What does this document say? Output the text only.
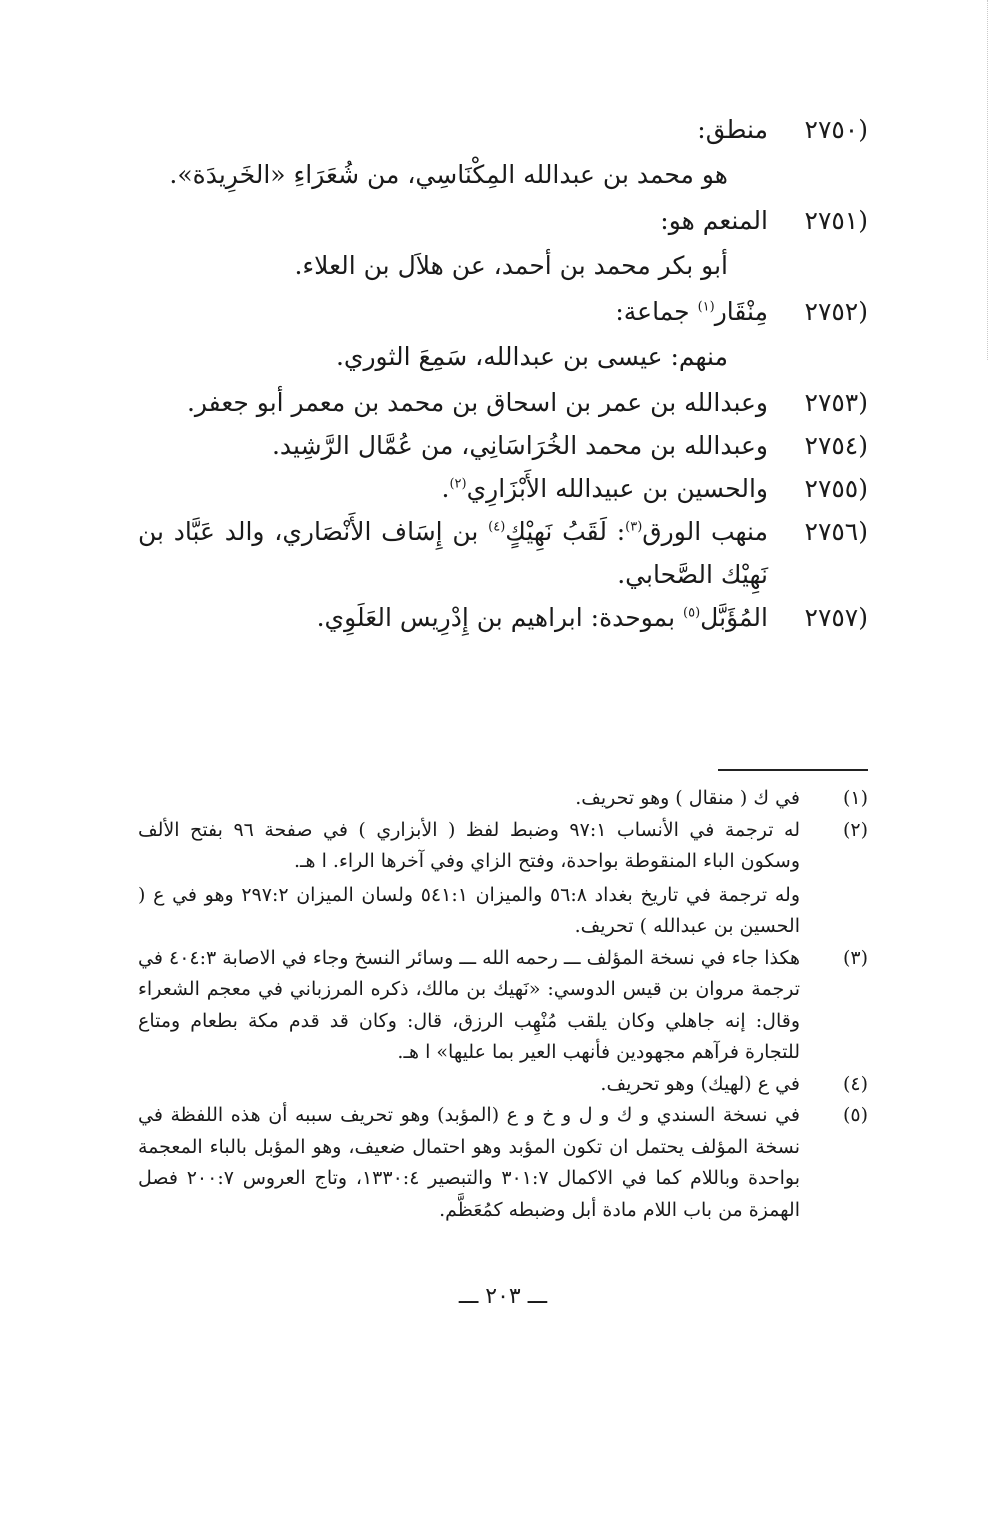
(٢٧٥٠
منطق:
هو محمد بن عبدالله المِكْنَاسِي، من شُعَرَاءِ «الخَرِيدَة».
(٢٧٥١
المنعم هو:
أبو بكر محمد بن أحمد، عن هلاَل بن العلاء.
(٢٧٥٢
مِنْقَار$^{(١)}$ جماعة:
منهم: عيسى بن عبدالله، سَمِعَ الثوري.
(٢٧٥٣
وعبدالله بن عمر بن اسحاق بن محمد بن معمر أبو جعفر.
(٢٧٥٤
وعبدالله بن محمد الخُرَاسَانِي، من عُمَّال الرَّشِيد.
(٢٧٥٥
والحسين بن عبيدالله الأَبْزَارِي$^{(٢)}$.
(٢٧٥٦
منهب الورق$^{(٣)}$: لَقَبُ نَهِيْكٍ$^{(٤)}$ بن إِسَاف الأَنْصَاري، والد عَبَّاد بن نَهِيْك الصَّحابي.
(٢٧٥٧
المُؤَبَّل$^{(٥)}$ بموحدة: ابراهيم بن إِدْرِيس العَلَوِي.
(١)
في ك ( منقال ) وهو تحريف.
(٢)
له ترجمة في الأنساب ٩٧:١ وضبط لفظ ( الأبزاري ) في صفحة ٩٦ بفتح الألف وسكون الباء المنقوطة بواحدة، وفتح الزاي وفي آخرها الراء. ا هـ.
وله ترجمة في تاريخ بغداد ٥٦:٨ والميزان ٥٤١:١ ولسان الميزان ٢٩٧:٢ وهو في ع ( الحسين بن عبدالله ) تحريف.
(٣)
هكذا جاء في نسخة المؤلف ـــ رحمه الله ـــ وسائر النسخ وجاء في الاصابة ٤٠٤:٣ في ترجمة مروان بن قيس الدوسي: «نَهيك بن مالك، ذكره المرزباني في معجم الشعراء وقال: إنه جاهلي وكان يلقب مُنْهِب الرزق، قال: وكان قد قدم مكة بطعام ومتاع للتجارة فرآهم مجهودين فأنهب العير بما عليها» ا هـ.
(٤)
في ع (لهيك) وهو تحريف.
(٥)
في نسخة السندي و ك و ل و خ و ع (المؤبد) وهو تحريف سببه أن هذه اللفظة في نسخة المؤلف يحتمل ان تكون المؤبد وهو احتمال ضعيف، وهو المؤبل بالباء المعجمة بواحدة وباللام كما في الاكمال ٣٠١:٧ والتبصير ١٣٣٠:٤، وتاج العروس ٢٠٠:٧ فصل الهمزة من باب اللام مادة أبل وضبطه كمُعَظَّم.
ـــ ٢٠٣ ـــ
